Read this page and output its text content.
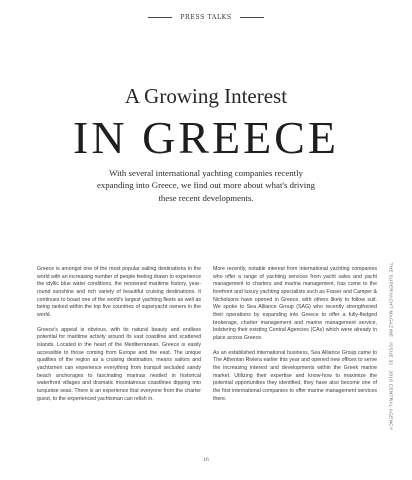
PRESS TALKS
A Growing Interest
IN GREECE

With several international yachting companies recently expanding into Greece, we find out more about what's driving these recent developments.

Greece is amongst one of the most popular sailing destinations in the world with an increasing number of people feeling drawn to experience the idyllic blue water conditions, the renowned maritime history, year-round sunshine and rich variety of beautiful cruising destinations. It continues to boast one of the world's largest yachting fleets as well as being ranked within the top five countries of superyacht owners in the world.

Greece's appeal is obvious, with its natural beauty and endless potential for maritime activity around its vast coastline and scattered islands. Located in the heart of the Mediterranean, Greece is easily accessible to those coming from Europe and the east. The unique qualities of the region as a cruising destination, means sailors and yachtsmen can experience everything from tranquil secluded sandy beach anchorages to fascinating marinas nestled in historical waterfront villages and dramatic mountainous coastlines dipping into turquoise seas. There is an experience that everyone from the charter guest, to the experienced yachtsman can relish in.

More recently, notable interest from international yachting companies who offer a range of yachting services from yacht sales and yacht management to charters and marina management, has come to the forefront and luxury yachting specialists such as Fraser and Camper & Nicholsons have opened in Greece, with others likely to follow suit. We spoke to Sea Alliance Group (SAG) who recently strengthened their operations by expanding into Greece to offer a fully-fledged brokerage, charter management and marine management service, bolstering their existing Central Agencies (CAs) which were already in place across Greece.

As an established international business, Sea Alliance Group came to The Athenian Riviera earlier this year and opened new offices to serve the increasing interest and developments within the Greek marine market. Utilizing their expertise and know-how to maximize the potential opportunities they identified, they have also become one of the first international companies to offer marine management services there.	THE SUPERYACHT MAGAZINE · ISSUE 32 · 2016 CENTRAL AGENCY
16
